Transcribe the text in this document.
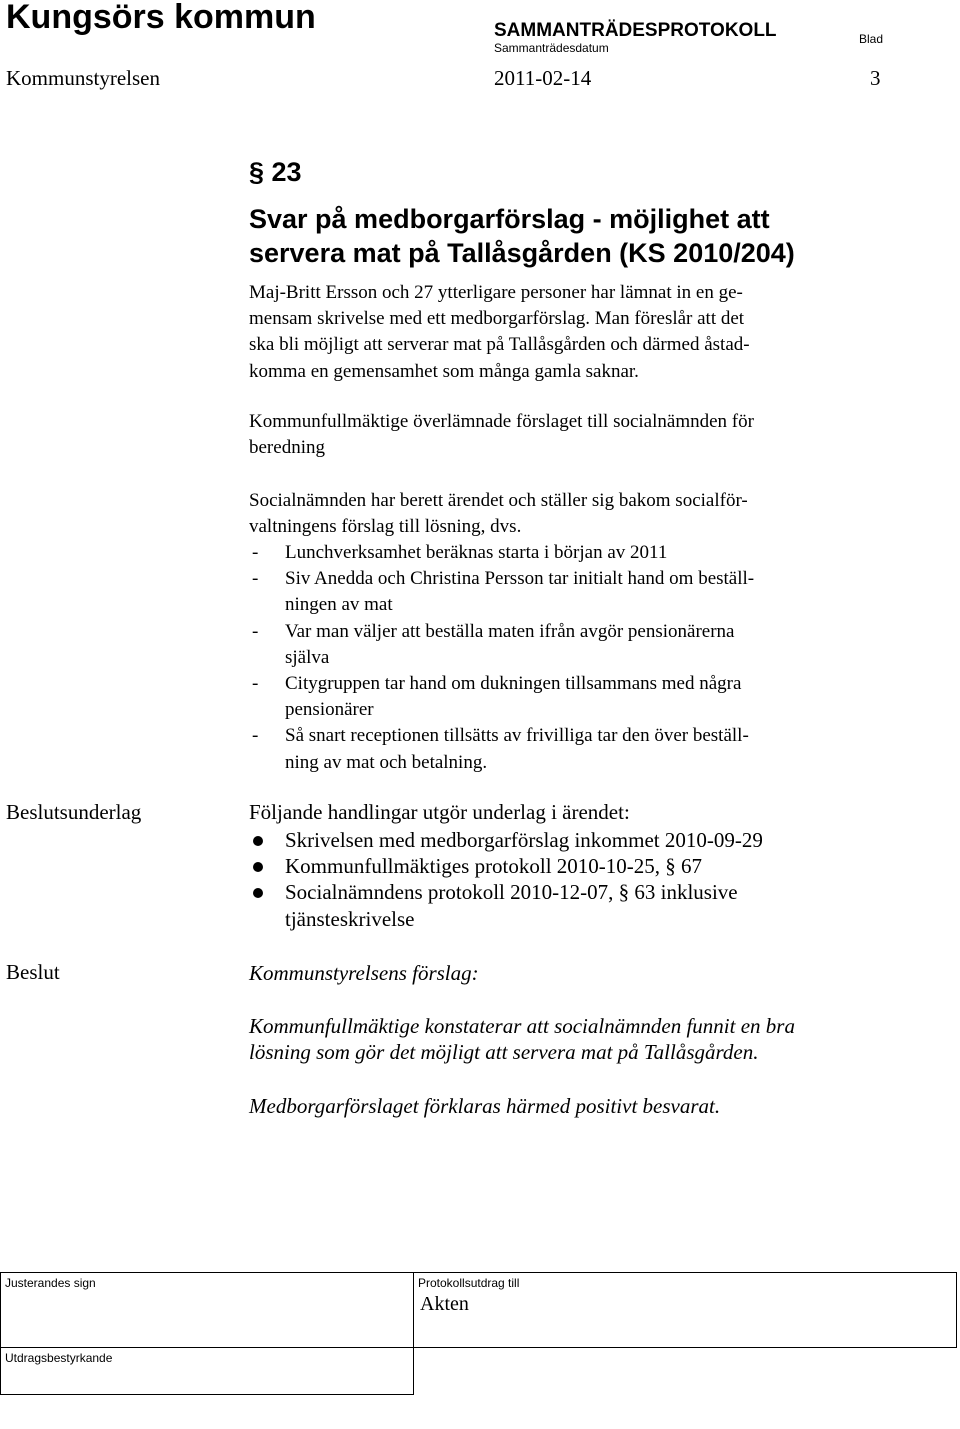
Kungsörs kommun	SAMMANTRÄDESPROTOKOLL
Sammanträdesdatum
Blad
Kommunstyrelsen	2011-02-14	3
§ 23
Svar på medborgarförslag - möjlighet att
servera mat på Tallåsgården (KS 2010/204)
Maj-Britt Ersson och 27 ytterligare personer har lämnat in en ge-
mensam skrivelse med ett medborgarförslag. Man föreslår att det
ska bli möjligt att serverar mat på Tallåsgården och därmed åstad-
komma en gemensamhet som många gamla saknar.
Kommunfullmäktige överlämnade förslaget till socialnämnden för
beredning
Socialnämnden har berett ärendet och ställer sig bakom socialför-
valtningens förslag till lösning, dvs.
- Lunchverksamhet beräknas starta i början av 2011
- Siv Anedda och Christina Persson tar initialt hand om beställ-
ningen av mat
- Var man väljer att beställa maten ifrån avgör pensionärerna
själva
- Citygruppen tar hand om dukningen tillsammans med några
pensionärer
- Så snart receptionen tillsätts av frivilliga tar den över beställ-
ning av mat och betalning.
Beslutsunderlag	Följande handlingar utgör underlag i ärendet:
Skrivelsen med medborgarförslag inkommet 2010-09-29
Kommunfullmäktiges protokoll 2010-10-25, § 67
Socialnämndens protokoll 2010-12-07, § 63 inklusive
tjänsteskrivelse
Beslut	Kommunstyrelsens förslag:
Kommunfullmäktige konstaterar att socialnämnden funnit en bra
lösning som gör det möjligt att servera mat på Tallåsgården.
Medborgarförslaget förklaras härmed positivt besvarat.
Justerandes sign	Protokollsutdrag till
Akten
Utdragsbestyrkande
